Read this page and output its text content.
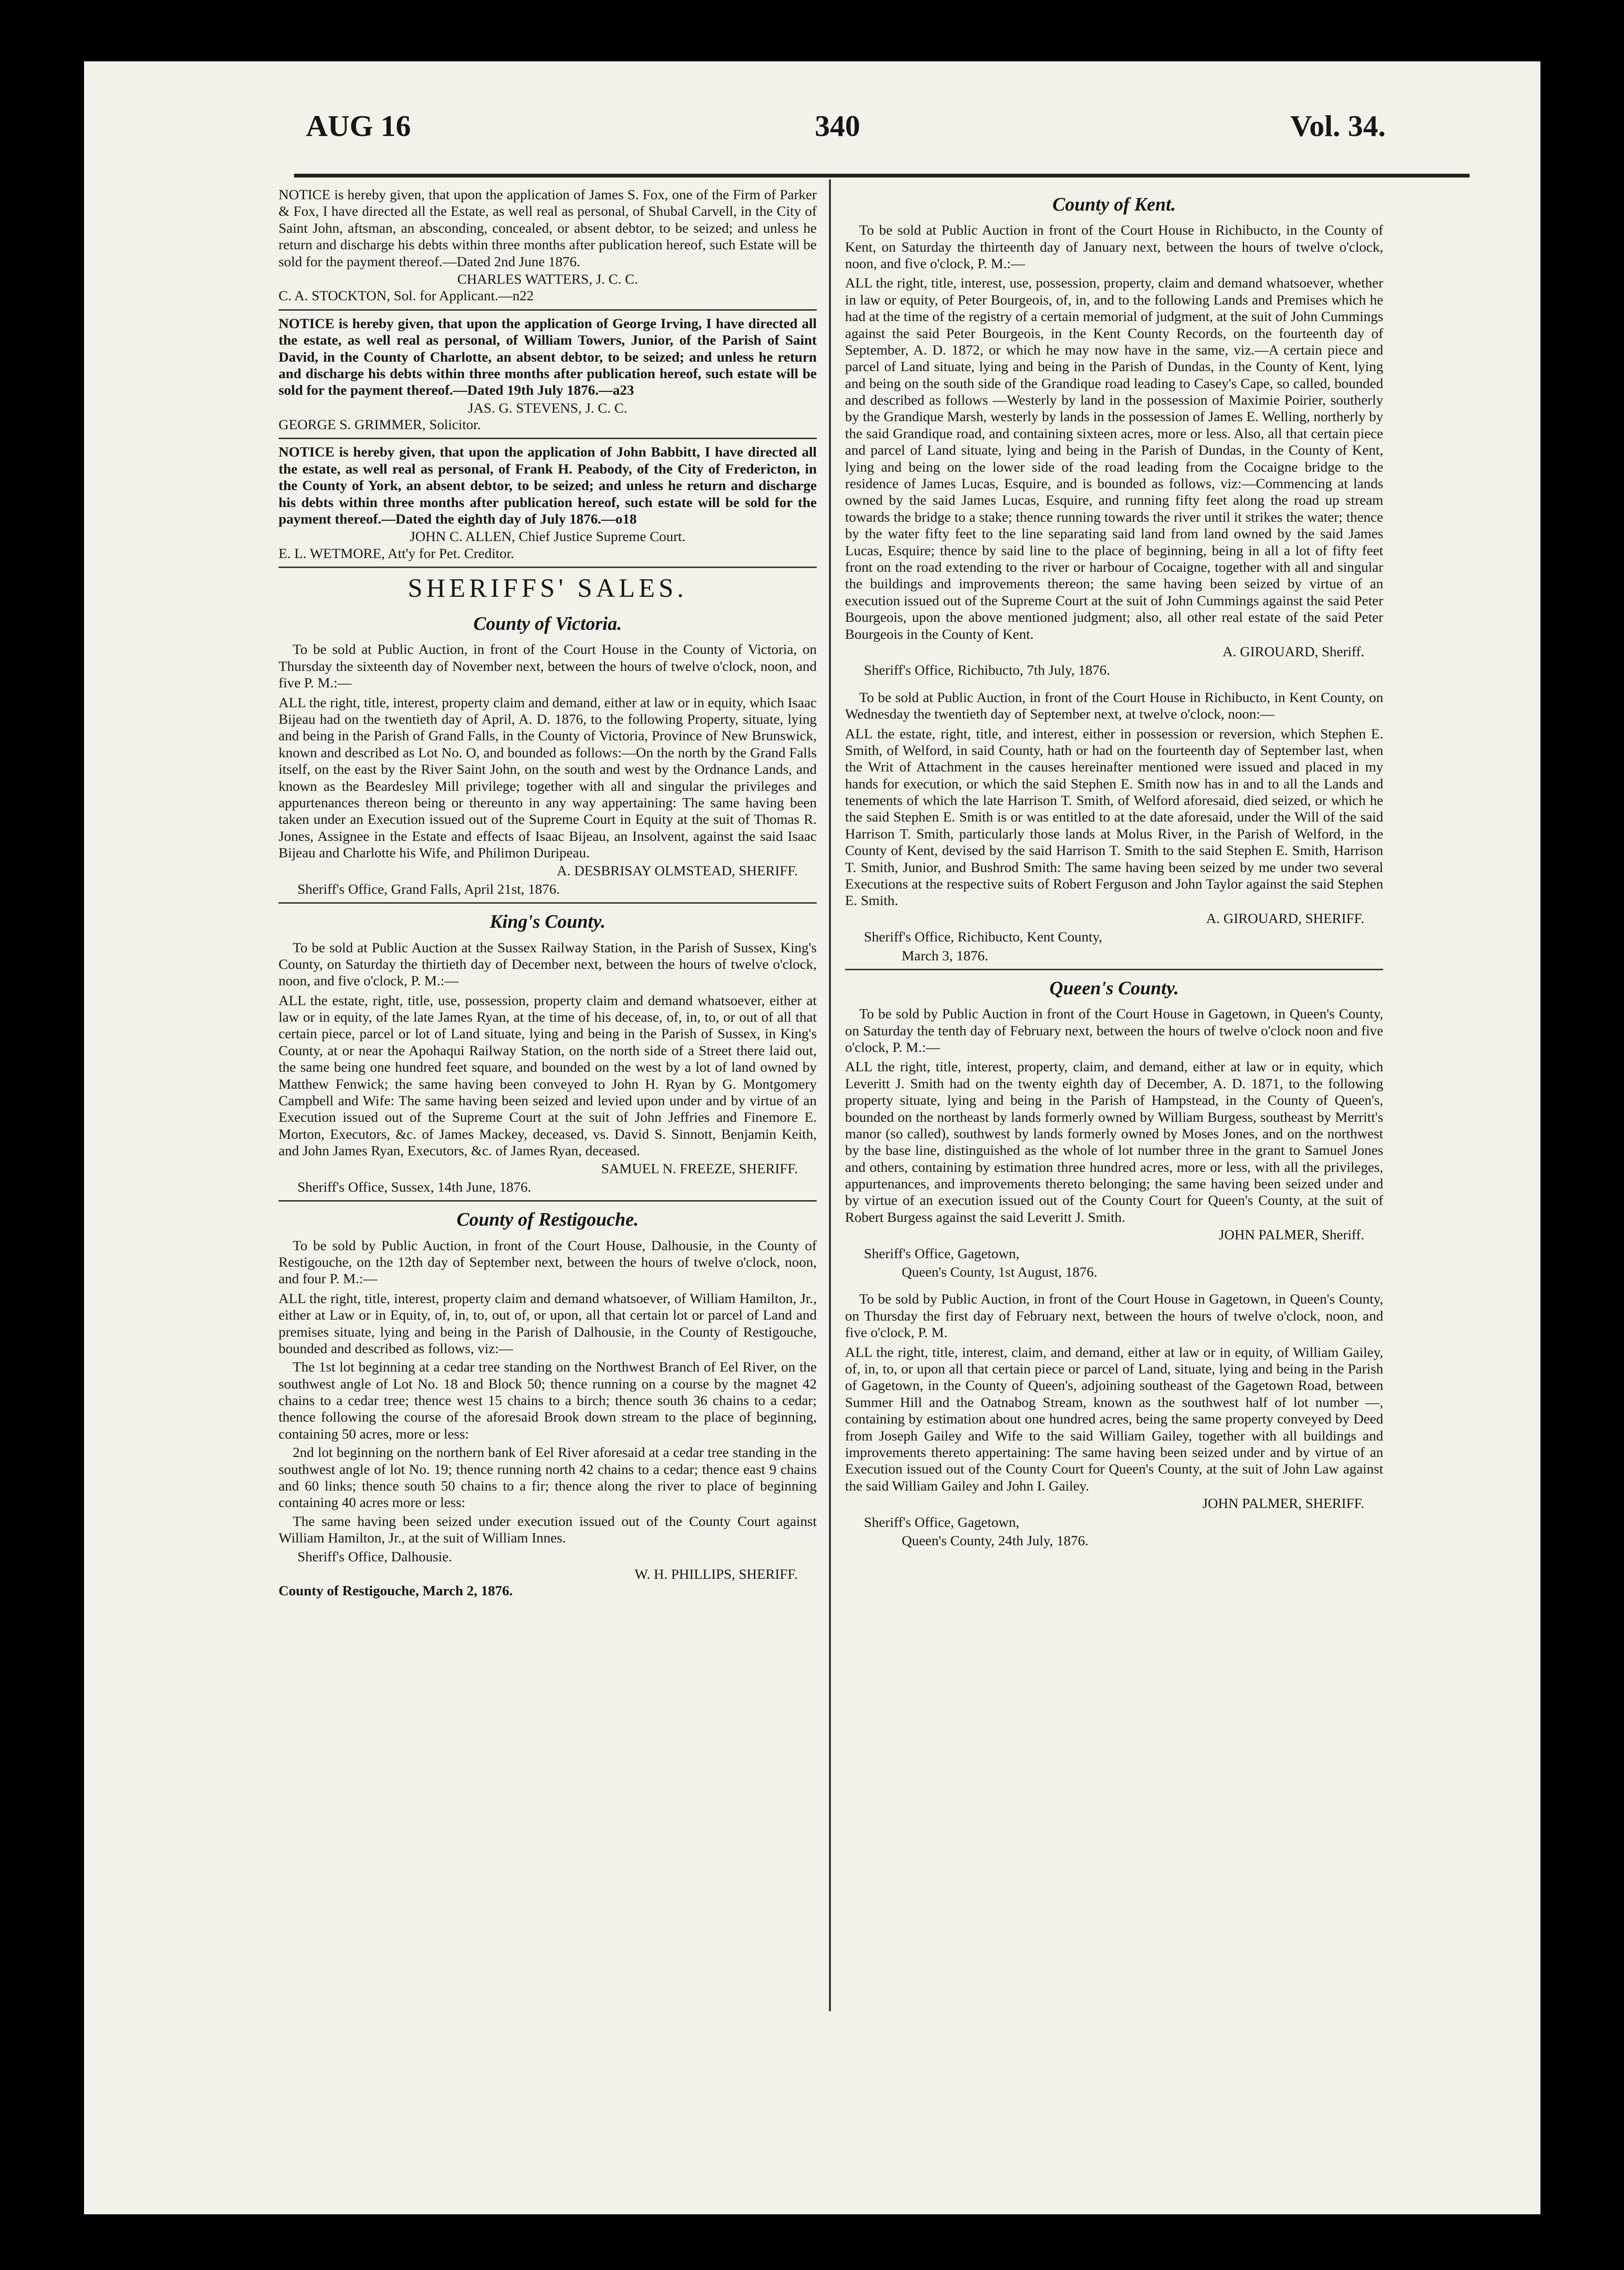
AUG 16	340	Vol. 34.

NOTICE is hereby given, that upon the application of James S. Fox, one of the Firm of Parker & Fox, I have directed all the Estate, as well real as personal, of Shubal Carvell, in the City of Saint John, aftsman, an absconding, concealed, or absent debtor, to be seized; and unless he return and discharge his debts within three months after publication hereof, such Estate will be sold for the payment thereof.—Dated 2nd June 1876.

CHARLES WATTERS, J. C. C.
C. A. STOCKTON, Sol. for Applicant.—n22

NOTICE is hereby given, that upon the application of George Irving, I have directed all the estate, as well real as personal, of William Towers, Junior, of the Parish of Saint David, in the County of Charlotte, an absent debtor, to be seized; and unless he return and discharge his debts within three months after publication hereof, such estate will be sold for the payment thereof.—Dated 19th July 1876.—a23

JAS. G. STEVENS, J. C. C.
GEORGE S. GRIMMER, Solicitor.

NOTICE is hereby given, that upon the application of John Babbitt, I have directed all the estate, as well real as personal, of Frank H. Peabody, of the City of Fredericton, in the County of York, an absent debtor, to be seized; and unless he return and discharge his debts within three months after publication hereof, such estate will be sold for the payment thereof.—Dated the eighth day of July 1876.—o18

JOHN C. ALLEN, Chief Justice Supreme Court.
E. L. WETMORE, Att'y for Pet. Creditor.
SHERIFFS' SALES.
County of Victoria.

To be sold at Public Auction, in front of the Court House in the County of Victoria, on Thursday the sixteenth day of November next, between the hours of twelve o'clock, noon, and five P. M.:—

ALL the right, title, interest, property claim and demand, either at law or in equity, which Isaac Bijeau had on the twentieth day of April, A. D. 1876, to the following Property, situate, lying and being in the Parish of Grand Falls, in the County of Victoria, Province of New Brunswick, known and described as Lot No. O, and bounded as follows:—On the north by the Grand Falls itself, on the east by the River Saint John, on the south and west by the Ordnance Lands, and known as the Beardesley Mill privilege; together with all and singular the privileges and appurtenances thereon being or thereunto in any way appertaining: The same having been taken under an Execution issued out of the Supreme Court in Equity at the suit of Thomas R. Jones, Assignee in the Estate and effects of Isaac Bijeau, an Insolvent, against the said Isaac Bijeau and Charlotte his Wife, and Philimon Duripeau.

A. DESBRISAY OLMSTEAD, SHERIFF.
Sheriff's Office, Grand Falls, April 21st, 1876.
King's County.

To be sold at Public Auction at the Sussex Railway Station, in the Parish of Sussex, King's County, on Saturday the thirtieth day of December next, between the hours of twelve o'clock, noon, and five o'clock, P. M.:—

ALL the estate, right, title, use, possession, property claim and demand whatsoever, either at law or in equity, of the late James Ryan, at the time of his decease, of, in, to, or out of all that certain piece, parcel or lot of Land situate, lying and being in the Parish of Sussex, in King's County, at or near the Apohaqui Railway Station, on the north side of a Street there laid out, the same being one hundred feet square, and bounded on the west by a lot of land owned by Matthew Fenwick; the same having been conveyed to John H. Ryan by G. Montgomery Campbell and Wife: The same having been seized and levied upon under and by virtue of an Execution issued out of the Supreme Court at the suit of John Jeffries and Finemore E. Morton, Executors, &c. of James Mackey, deceased, vs. David S. Sinnott, Benjamin Keith, and John James Ryan, Executors, &c. of James Ryan, deceased.

SAMUEL N. FREEZE, SHERIFF.
Sheriff's Office, Sussex, 14th June, 1876.
County of Restigouche.

To be sold by Public Auction, in front of the Court House, Dalhousie, in the County of Restigouche, on the 12th day of September next, between the hours of twelve o'clock, noon, and four P. M.:—

ALL the right, title, interest, property claim and demand whatsoever, of William Hamilton, Jr., either at Law or in Equity, of, in, to, out of, or upon, all that certain lot or parcel of Land and premises situate, lying and being in the Parish of Dalhousie, in the County of Restigouche, bounded and described as follows, viz:—

The 1st lot beginning at a cedar tree standing on the Northwest Branch of Eel River, on the southwest angle of Lot No. 18 and Block 50; thence running on a course by the magnet 42 chains to a cedar tree; thence west 15 chains to a birch; thence south 36 chains to a cedar; thence following the course of the aforesaid Brook down stream to the place of beginning, containing 50 acres, more or less:

2nd lot beginning on the northern bank of Eel River aforesaid at a cedar tree standing in the southwest angle of lot No. 19; thence running north 42 chains to a cedar; thence east 9 chains and 60 links; thence south 50 chains to a fir; thence along the river to place of beginning containing 40 acres more or less:

The same having been seized under execution issued out of the County Court against William Hamilton, Jr., at the suit of William Innes.

Sheriff's Office, Dalhousie.
W. H. PHILLIPS, SHERIFF.
County of Restigouche, March 2, 1876.
County of Kent.

To be sold at Public Auction in front of the Court House in Richibucto, in the County of Kent, on Saturday the thirteenth day of January next, between the hours of twelve o'clock, noon, and five o'clock, P. M.:—

ALL the right, title, interest, use, possession, property, claim and demand whatsoever, whether in law or equity, of Peter Bourgeois, of, in, and to the following Lands and Premises which he had at the time of the registry of a certain memorial of judgment, at the suit of John Cummings against the said Peter Bourgeois, in the Kent County Records, on the fourteenth day of September, A. D. 1872, or which he may now have in the same, viz.—A certain piece and parcel of Land situate, lying and being in the Parish of Dundas, in the County of Kent, lying and being on the south side of the Grandique road leading to Casey's Cape, so called, bounded and described as follows —Westerly by land in the possession of Maximie Poirier, southerly by the Grandique Marsh, westerly by lands in the possession of James E. Welling, northerly by the said Grandique road, and containing sixteen acres, more or less. Also, all that certain piece and parcel of Land situate, lying and being in the Parish of Dundas, in the County of Kent, lying and being on the lower side of the road leading from the Cocaigne bridge to the residence of James Lucas, Esquire, and is bounded as follows, viz:—Commencing at lands owned by the said James Lucas, Esquire, and running fifty feet along the road up stream towards the bridge to a stake; thence running towards the river until it strikes the water; thence by the water fifty feet to the line separating said land from land owned by the said James Lucas, Esquire; thence by said line to the place of beginning, being in all a lot of fifty feet front on the road extending to the river or harbour of Cocaigne, together with all and singular the buildings and improvements thereon; the same having been seized by virtue of an execution issued out of the Supreme Court at the suit of John Cummings against the said Peter Bourgeois, upon the above mentioned judgment; also, all other real estate of the said Peter Bourgeois in the County of Kent.

A. GIROUARD, Sheriff.
Sheriff's Office, Richibucto, 7th July, 1876.

To be sold at Public Auction, in front of the Court House in Richibucto, in Kent County, on Wednesday the twentieth day of September next, at twelve o'clock, noon:—

ALL the estate, right, title, and interest, either in possession or reversion, which Stephen E. Smith, of Welford, in said County, hath or had on the fourteenth day of September last, when the Writ of Attachment in the causes hereinafter mentioned were issued and placed in my hands for execution, or which the said Stephen E. Smith now has in and to all the Lands and tenements of which the late Harrison T. Smith, of Welford aforesaid, died seized, or which he the said Stephen E. Smith is or was entitled to at the date aforesaid, under the Will of the said Harrison T. Smith, particularly those lands at Molus River, in the Parish of Welford, in the County of Kent, devised by the said Harrison T. Smith to the said Stephen E. Smith, Harrison T. Smith, Junior, and Bushrod Smith: The same having been seized by me under two several Executions at the respective suits of Robert Ferguson and John Taylor against the said Stephen E. Smith.

A. GIROUARD, SHERIFF.
Sheriff's Office, Richibucto, Kent County,
March 3, 1876.
Queen's County.

To be sold by Public Auction in front of the Court House in Gagetown, in Queen's County, on Saturday the tenth day of February next, between the hours of twelve o'clock noon and five o'clock, P. M.:—

ALL the right, title, interest, property, claim, and demand, either at law or in equity, which Leveritt J. Smith had on the twenty eighth day of December, A. D. 1871, to the following property situate, lying and being in the Parish of Hampstead, in the County of Queen's, bounded on the northeast by lands formerly owned by William Burgess, southeast by Merritt's manor (so called), southwest by lands formerly owned by Moses Jones, and on the northwest by the base line, distinguished as the whole of lot number three in the grant to Samuel Jones and others, containing by estimation three hundred acres, more or less, with all the privileges, appurtenances, and improvements thereto belonging; the same having been seized under and by virtue of an execution issued out of the County Court for Queen's County, at the suit of Robert Burgess against the said Leveritt J. Smith.

JOHN PALMER, Sheriff.
Sheriff's Office, Gagetown,
Queen's County, 1st August, 1876.

To be sold by Public Auction, in front of the Court House in Gagetown, in Queen's County, on Thursday the first day of February next, between the hours of twelve o'clock, noon, and five o'clock, P. M.

ALL the right, title, interest, claim, and demand, either at law or in equity, of William Gailey, of, in, to, or upon all that certain piece or parcel of Land, situate, lying and being in the Parish of Gagetown, in the County of Queen's, adjoining southeast of the Gagetown Road, between Summer Hill and the Oatnabog Stream, known as the southwest half of lot number —, containing by estimation about one hundred acres, being the same property conveyed by Deed from Joseph Gailey and Wife to the said William Gailey, together with all buildings and improvements thereto appertaining: The same having been seized under and by virtue of an Execution issued out of the County Court for Queen's County, at the suit of John Law against the said William Gailey and John I. Gailey.

JOHN PALMER, SHERIFF.
Sheriff's Office, Gagetown,
Queen's County, 24th July, 1876.
